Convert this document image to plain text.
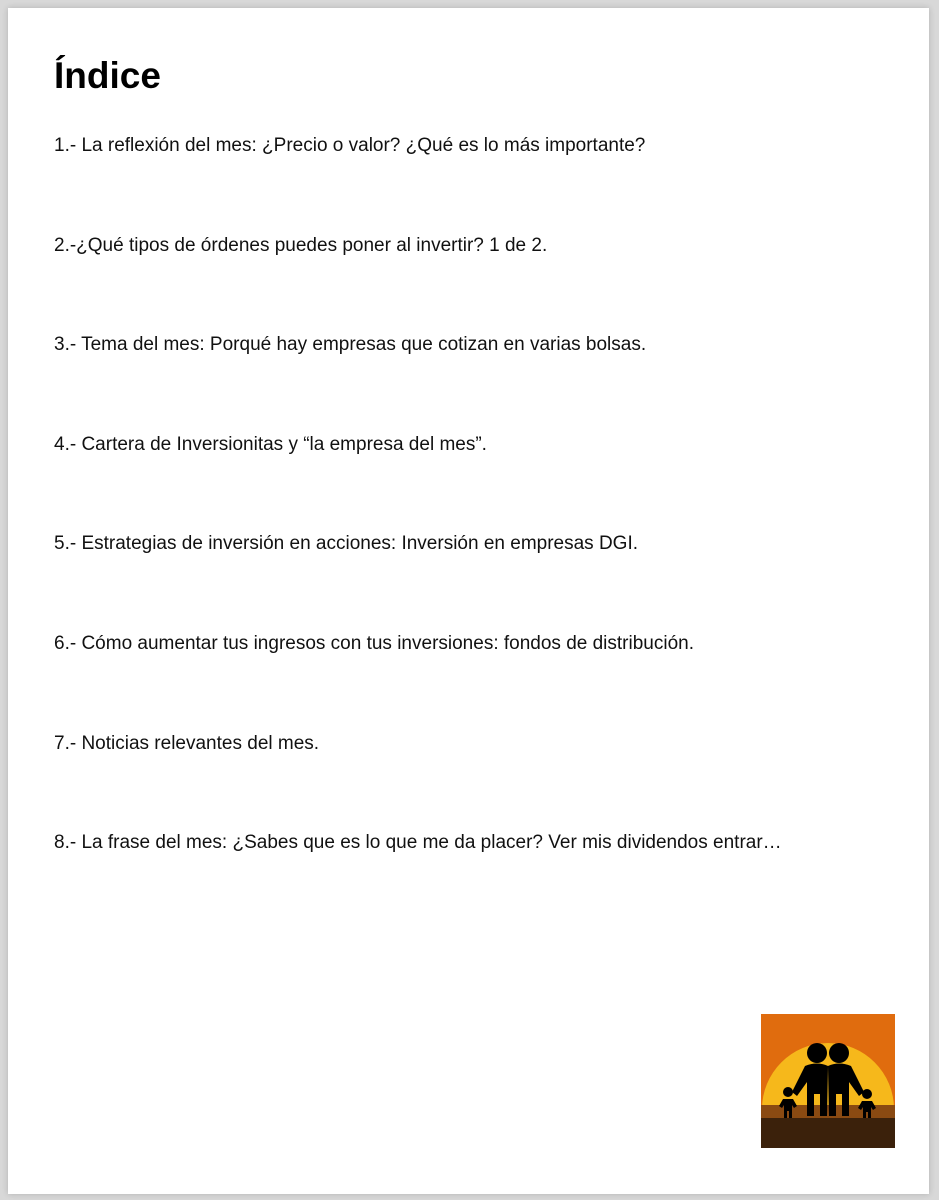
Índice
1.- La reflexión del mes: ¿Precio o valor? ¿Qué es lo más importante?
2.-¿Qué tipos de órdenes puedes poner al invertir? 1 de 2.
3.- Tema del mes: Porqué hay empresas que cotizan en varias bolsas.
4.- Cartera de Inversionitas y “la empresa del mes”.
5.- Estrategias de inversión en acciones: Inversión en empresas DGI.
6.- Cómo aumentar tus ingresos con tus inversiones: fondos de distribución.
7.- Noticias relevantes del mes.
8.- La frase del mes: ¿Sabes que es lo que me da placer? Ver mis dividendos entrar…
